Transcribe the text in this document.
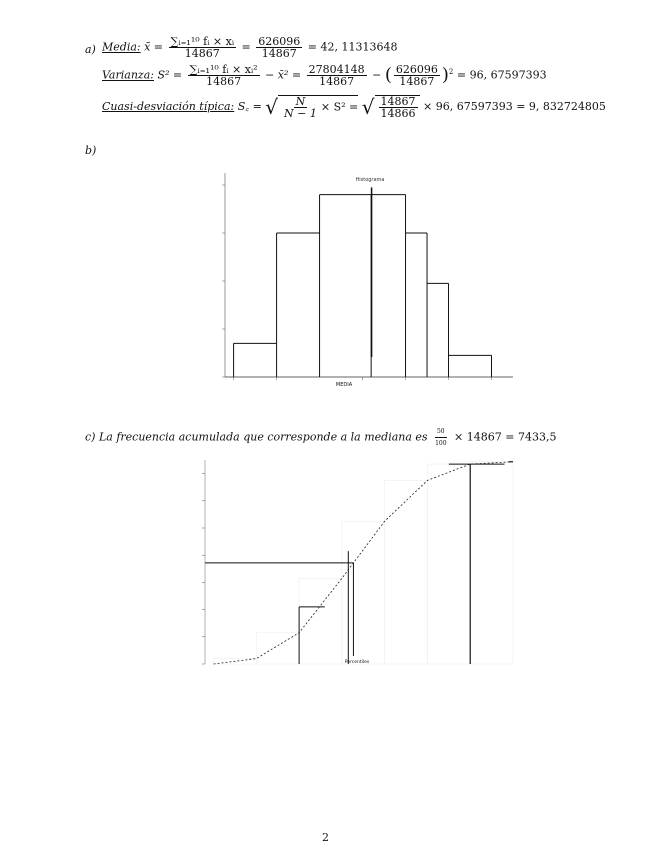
a) Media: x̄ = $\frac{\text{∑ᵢ₌₁¹⁰ fᵢ × xᵢ}}{14867} = \frac{626096}{14867} = 42$, 11313648
Varianza: $S^2 = \frac{\text{∑ᵢ₌₁¹⁰ fᵢ × xᵢ²}}{14867}$ − x̄² = $\frac{27804148}{14867}$ − ( $\frac{626096}{14867} )^2 = 96$, 67597393
Cuasi-desviación típica: S꜀ = √ $\frac{N}{N - 1} \times S^2$ = √ $\frac{14867}{14866} \times 96$, 67597393 = 9, 832724805
b)
Histograma
MEDIA
c) La frecuencia acumulada que corresponde a la mediana es $\frac{50}{100} \times 14867 = 7433,5$
Percentiles
2
